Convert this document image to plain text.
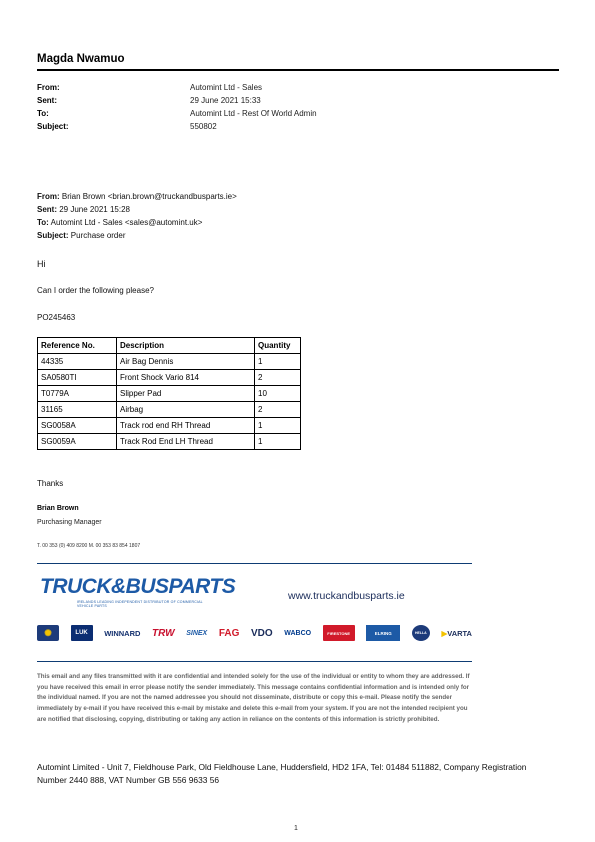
Magda Nwamuo
From:	Automint Ltd - Sales
Sent:	29 June 2021 15:33
To:	Automint Ltd - Rest Of World Admin
Subject:	550802
From: Brian Brown <brian.brown@truckandbusparts.ie>
Sent: 29 June 2021 15:28
To: Automint Ltd - Sales <sales@automint.uk>
Subject: Purchase order
Hi
Can I order the following please?
PO245463
Reference No.	Description	Quantity
44335	Air Bag Dennis	1
SA0580TI	Front Shock Vario 814	2
T0779A	Slipper Pad	10
31165	Airbag	2
SG0058A	Track rod end RH Thread	1
SG0059A	Track Rod End LH Thread	1
Thanks
Brian Brown
Purchasing Manager
T. 00 353 (0) 409 8200 M. 00 353 83 854 1807
TRUCK&BUSPARTS
IRELANDS LEADING INDEPENDENT DISTRIBUTOR OF COMMERCIAL VEHICLE PARTS
www.truckandbusparts.ie
✺	LUK	WINNARD TRW SINEX FAG VDO WABCO	FIRESTONE	ELRING	HELLA	▶ VARTA
This email and any files transmitted with it are confidential and intended solely for the use of the individual or entity to whom they are addressed. If you have received this email in error please notify the sender immediately. This message contains confidential information and is intended only for the individual named. If you are not the named addressee you should not disseminate, distribute or copy this e-mail. Please notify the sender immediately by e-mail if you have received this e-mail by mistake and delete this e-mail from your system. If you are not the intended recipient you are notified that disclosing, copying, distributing or taking any action in reliance on the contents of this information is strictly prohibited.
Automint Limited - Unit 7, Fieldhouse Park, Old Fieldhouse Lane, Huddersfield, HD2 1FA, Tel: 01484 511882, Company Registration Number 2440 888, VAT Number GB 556 9633 56
1
